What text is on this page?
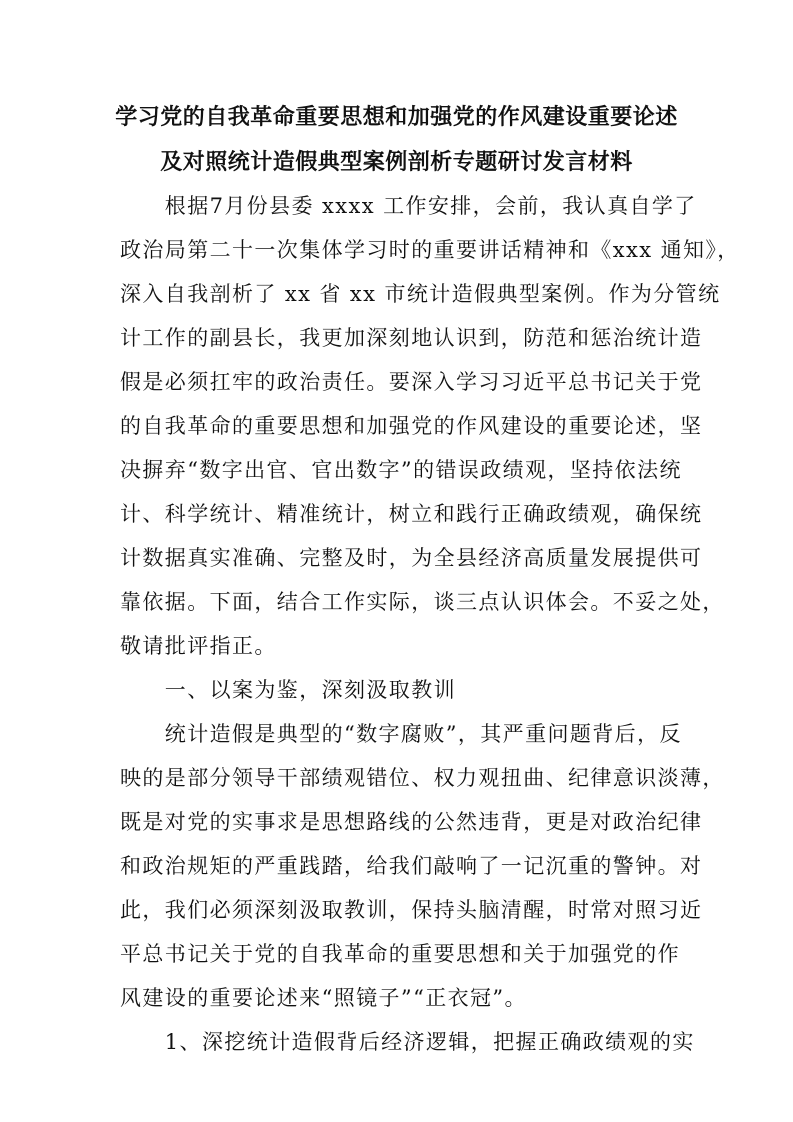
学习党的自我革命重要思想和加强党的作风建设重要论述
及对照统计造假典型案例剖析专题研讨发言材料
　　根据7月份县委 xxxx 工作安排，会前，我认真自学了
政治局第二十一次集体学习时的重要讲话精神和《xxx 通知》，
深入自我剖析了 xx 省 xx 市统计造假典型案例。作为分管统
计工作的副县长，我更加深刻地认识到，防范和惩治统计造
假是必须扛牢的政治责任。要深入学习习近平总书记关于党
的自我革命的重要思想和加强党的作风建设的重要论述，坚
决摒弃“数字出官、官出数字”的错误政绩观，坚持依法统
计、科学统计、精准统计，树立和践行正确政绩观，确保统
计数据真实准确、完整及时，为全县经济高质量发展提供可
靠依据。下面，结合工作实际，谈三点认识体会。不妥之处，
敬请批评指正。
　　一、以案为鉴，深刻汲取教训
　　统计造假是典型的“数字腐败”，其严重问题背后，反
映的是部分领导干部绩观错位、权力观扭曲、纪律意识淡薄，
既是对党的实事求是思想路线的公然违背，更是对政治纪律
和政治规矩的严重践踏，给我们敲响了一记沉重的警钟。对
此，我们必须深刻汲取教训，保持头脑清醒，时常对照习近
平总书记关于党的自我革命的重要思想和关于加强党的作
风建设的重要论述来“照镜子”“正衣冠”。
　　1、深挖统计造假背后经济逻辑，把握正确政绩观的实
